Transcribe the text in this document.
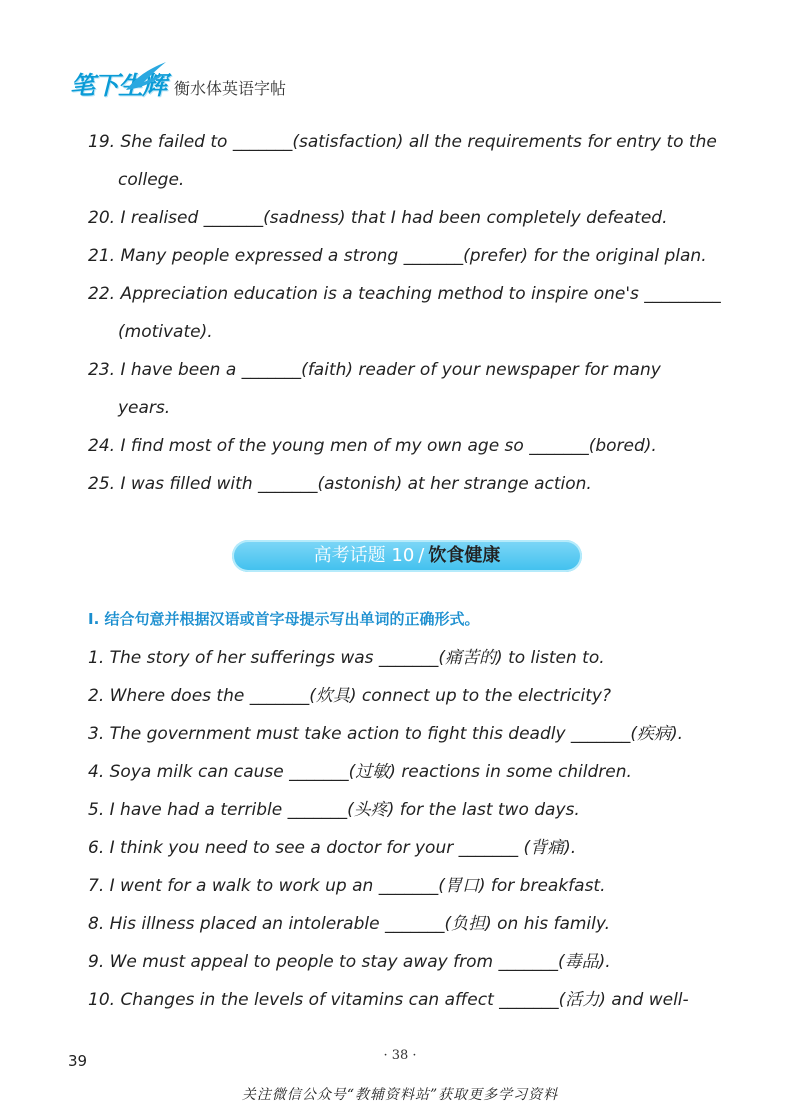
笔下生辉 衡水体英语字帖
19. She failed to _______(satisfaction) all the requirements for entry to the
college.
20. I realised _______(sadness) that I had been completely defeated.
21. Many people expressed a strong _______(prefer) for the original plan.
22. Appreciation education is a teaching method to inspire one's _________
(motivate).
23. I have been a _______(faith) reader of your newspaper for many
years.
24. I find most of the young men of my own age so _______(bored).
25. I was filled with _______(astonish) at her strange action.
高考话题 10 / 饮食健康
I. 结合句意并根据汉语或首字母提示写出单词的正确形式。
1. The story of her sufferings was _______(痛苦的) to listen to.
2. Where does the _______(炊具) connect up to the electricity?
3. The government must take action to fight this deadly _______(疾病).
4. Soya milk can cause _______(过敏) reactions in some children.
5. I have had a terrible _______(头疼) for the last two days.
6. I think you need to see a doctor for your _______ (背痛).
7. I went for a walk to work up an _______(胃口) for breakfast.
8. His illness placed an intolerable _______(负担) on his family.
9. We must appeal to people to stay away from _______(毒品).
10. Changes in the levels of vitamins can affect _______(活力) and well-
39	· 38 ·
关注微信公众号“教辅资料站”获取更多学习资料
